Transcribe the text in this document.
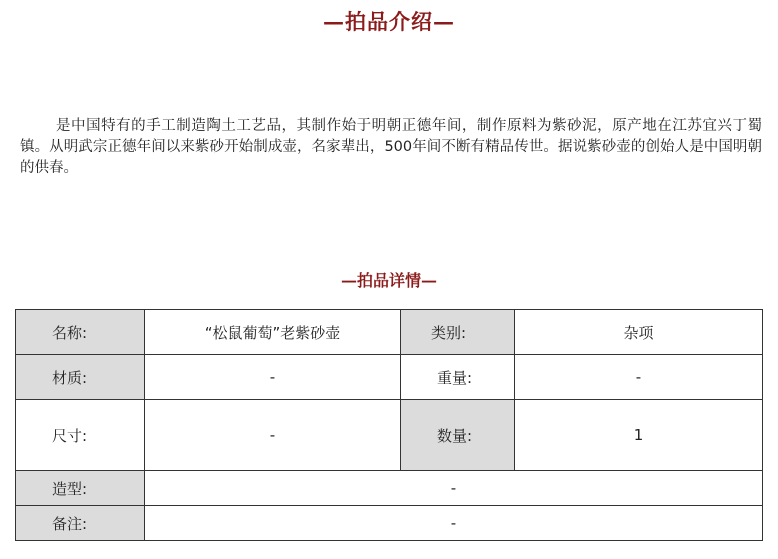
—拍品介绍—

是中国特有的手工制造陶土工艺品，其制作始于明朝正德年间，制作原料为紫砂泥，原产地在江苏宜兴丁蜀镇。从明武宗正德年间以来紫砂开始制成壶，名家辈出，500年间不断有精品传世。据说紫砂壶的创始人是中国明朝的供春。

—拍品详情—
名称:	“松鼠葡萄”老紫砂壶	类别:	杂项
材质:	-	重量:	-
尺寸:	-	数量:	1
造型:	-		
备注:	-		
